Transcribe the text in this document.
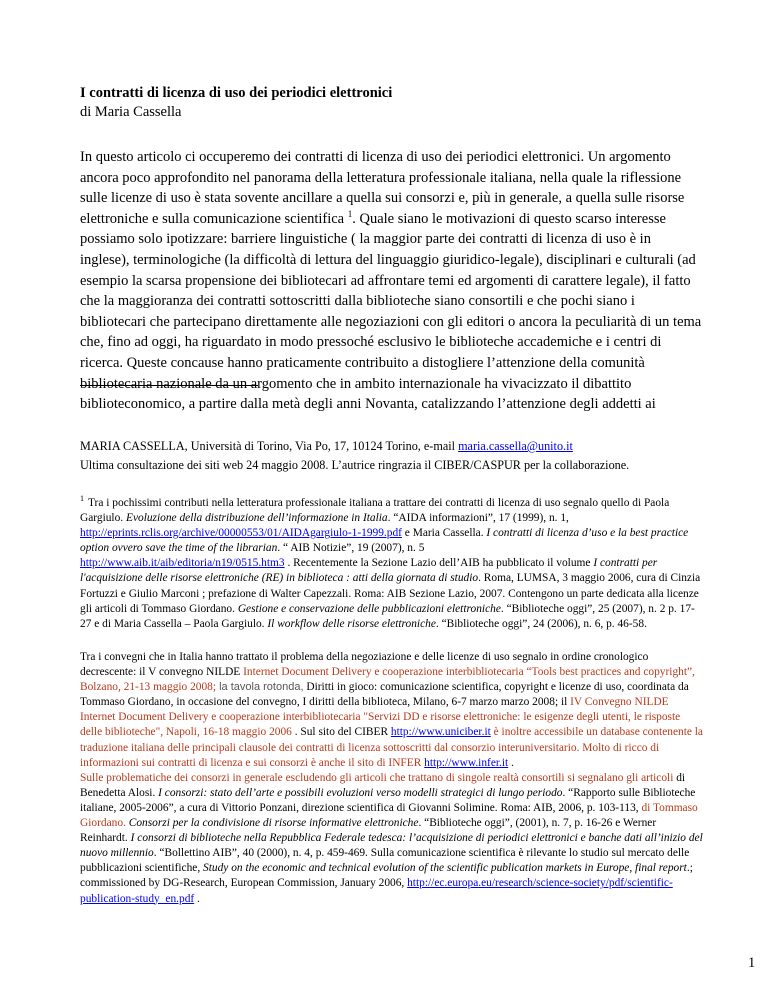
I contratti di licenza di uso dei periodici elettronici
di Maria Cassella

In questo articolo ci occuperemo dei contratti di licenza di uso dei periodici elettronici. Un argomento ancora poco approfondito nel panorama della letteratura professionale italiana, nella quale la riflessione sulle licenze di uso è stata sovente ancillare a quella sui consorzi e, più in generale, a quella sulle risorse elettroniche e sulla comunicazione scientifica $^1$. Quale siano le motivazioni di questo scarso interesse possiamo solo ipotizzare: barriere linguistiche ( la maggior parte dei contratti di licenza di uso è in inglese), terminologiche (la difficoltà di lettura del linguaggio giuridico-legale), disciplinari e culturali (ad esempio la scarsa propensione dei bibliotecari ad affrontare temi ed argomenti di carattere legale), il fatto che la maggioranza dei contratti sottoscritti dalla biblioteche siano consortili e che pochi siano i bibliotecari che partecipano direttamente alle negoziazioni con gli editori o ancora la peculiarità di un tema che, fino ad oggi, ha riguardato in modo pressoché esclusivo le biblioteche accademiche e i centri di ricerca. Queste concause hanno praticamente contribuito a distogliere l’attenzione della comunità bibliotecaria nazionale da un argomento che in ambito internazionale ha vivacizzato il dibattito biblioteconomico, a partire dalla metà degli anni Novanta, catalizzando l’attenzione degli addetti ai

MARIA CASSELLA, Università di Torino, Via Po, 17, 10124 Torino, e-mail maria.cassella@unito.it
Ultima consultazione dei siti web 24 maggio 2008. L’autrice ringrazia il CIBER/CASPUR per la collaborazione.

$^1$ Tra i pochissimi contributi nella letteratura professionale italiana a trattare dei contratti di licenza di uso segnalo quello di Paola Gargiulo. Evoluzione della distribuzione dell’informazione in Italia. “AIDA informazioni”, 17 (1999), n. 1, http://eprints.rclis.org/archive/00000553/01/AIDAgargiulo-1-1999.pdf e Maria Cassella. I contratti di licenza d’uso e la best practice option ovvero save the time of the librarian. “ AIB Notizie”, 19 (2007), n. 5
http://www.aib.it/aib/editoria/n19/0515.htm3 . Recentemente la Sezione Lazio dell’AIB ha pubblicato il volume I contratti per l'acquisizione delle risorse elettroniche (RE) in biblioteca : atti della giornata di studio. Roma, LUMSA, 3 maggio 2006, cura di Cinzia Fortuzzi e Giulio Marconi ; prefazione di Walter Capezzali. Roma: AIB Sezione Lazio, 2007. Contengono un parte dedicata alla licenze gli articoli di Tommaso Giordano. Gestione e conservazione delle pubblicazioni elettroniche. “Biblioteche oggi”, 25 (2007), n. 2 p. 17-27 e di Maria Cassella – Paola Gargiulo. Il workflow delle risorse elettroniche. “Biblioteche oggi”, 24 (2006), n. 6, p. 46-58.

Tra i convegni che in Italia hanno trattato il problema della negoziazione e delle licenze di uso segnalo in ordine cronologico decrescente: il V convegno NILDE Internet Document Delivery e cooperazione interbibliotecaria “Tools best practices and copyright”, Bolzano, 21-13 maggio 2008; la tavola rotonda, Diritti in gioco: comunicazione scientifica, copyright e licenze di uso, coordinata da Tommaso Giordano, in occasione del convegno, I diritti della biblioteca, Milano, 6-7 marzo marzo 2008; il IV Convegno NILDE Internet Document Delivery e cooperazione interbibliotecaria "Servizi DD e risorse elettroniche: le esigenze degli utenti, le risposte delle biblioteche", Napoli, 16-18 maggio 2006 . Sul sito del CIBER http://www.uniciber.it è inoltre accessibile un database contenente la traduzione italiana delle principali clausole dei contratti di licenza sottoscritti dal consorzio interuniversitario. Molto di ricco di informazioni sui contratti di licenza e sui consorzi è anche il sito di INFER http://www.infer.it .
Sulle problematiche dei consorzi in generale escludendo gli articoli che trattano di singole realtà consortili si segnalano gli articoli di Benedetta Alosi. I consorzi: stato dell’arte e possibili evoluzioni verso modelli strategici di lungo periodo. “Rapporto sulle Biblioteche italiane, 2005-2006”, a cura di Vittorio Ponzani, direzione scientifica di Giovanni Solimine. Roma: AIB, 2006, p. 103-113, di Tommaso Giordano. Consorzi per la condivisione di risorse informative elettroniche. “Biblioteche oggi”, (2001), n. 7, p. 16-26 e Werner Reinhardt. I consorzi di biblioteche nella Repubblica Federale tedesca: l’acquisizione di periodici elettronici e banche dati all’inizio del nuovo millennio. “Bollettino AIB”, 40 (2000), n. 4, p. 459-469. Sulla comunicazione scientifica è rilevante lo studio sul mercato delle pubblicazioni scientifiche, Study on the economic and technical evolution of the scientific publication markets in Europe, final report.; commissioned by DG-Research, European Commission, January 2006, http://ec.europa.eu/research/science-society/pdf/scientific-publication-study_en.pdf .

1
